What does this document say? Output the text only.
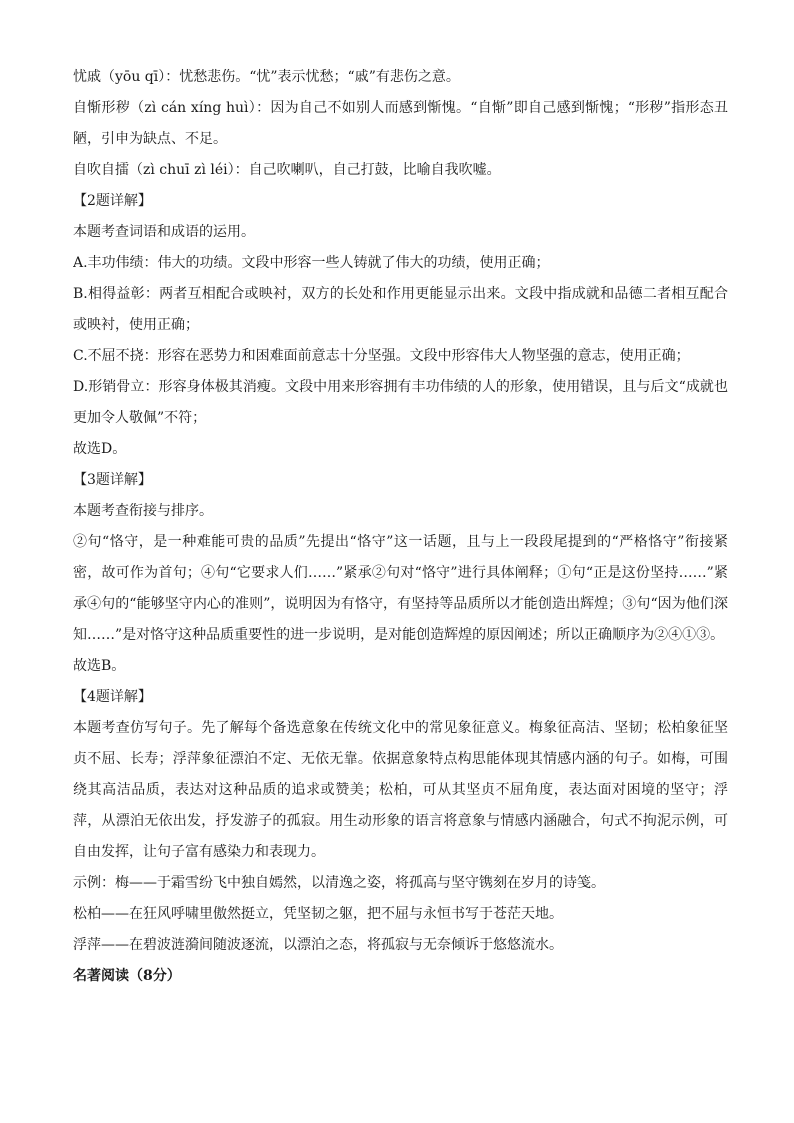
忧戚（yōu qī）：忧愁悲伤。“忧”表示忧愁；“戚”有悲伤之意。
自惭形秽（zì cán xíng huì）：因为自己不如别人而感到惭愧。“自惭”即自己感到惭愧；“形秽”指形态丑陋，引申为缺点、不足。
自吹自擂（zì chuī zì léi）：自己吹喇叭，自己打鼓，比喻自我吹嘘。
【2题详解】
本题考查词语和成语的运用。
A.丰功伟绩：伟大的功绩。文段中形容一些人铸就了伟大的功绩，使用正确；
B.相得益彰：两者互相配合或映衬，双方的长处和作用更能显示出来。文段中指成就和品德二者相互配合或映衬，使用正确；
C.不屈不挠：形容在恶势力和困难面前意志十分坚强。文段中形容伟大人物坚强的意志，使用正确；
D.形销骨立：形容身体极其消瘦。文段中用来形容拥有丰功伟绩的人的形象，使用错误，且与后文“成就也更加令人敬佩”不符；
故选D。
【3题详解】
本题考查衔接与排序。
②句“恪守，是一种难能可贵的品质”先提出“恪守”这一话题，且与上一段段尾提到的“严格恪守”衔接紧密，故可作为首句；④句“它要求人们……”紧承②句对“恪守”进行具体阐释；①句“正是这份坚持……”紧承④句的“能够坚守内心的准则”，说明因为有恪守，有坚持等品质所以才能创造出辉煌；③句“因为他们深知……”是对恪守这种品质重要性的进一步说明，是对能创造辉煌的原因阐述；所以正确顺序为②④①③。
故选B。
【4题详解】
本题考查仿写句子。先了解每个备选意象在传统文化中的常见象征意义。梅象征高洁、坚韧；松柏象征坚贞不屈、长寿；浮萍象征漂泊不定、无依无靠。依据意象特点构思能体现其情感内涵的句子。如梅，可围绕其高洁品质，表达对这种品质的追求或赞美；松柏，可从其坚贞不屈角度，表达面对困境的坚守；浮萍，从漂泊无依出发，抒发游子的孤寂。用生动形象的语言将意象与情感内涵融合，句式不拘泥示例，可自由发挥，让句子富有感染力和表现力。
示例：梅——于霜雪纷飞中独自嫣然，以清逸之姿，将孤高与坚守镌刻在岁月的诗笺。
松柏——在狂风呼啸里傲然挺立，凭坚韧之躯，把不屈与永恒书写于苍茫天地。
浮萍——在碧波涟漪间随波逐流，以漂泊之态，将孤寂与无奈倾诉于悠悠流水。
名著阅读（8分）
